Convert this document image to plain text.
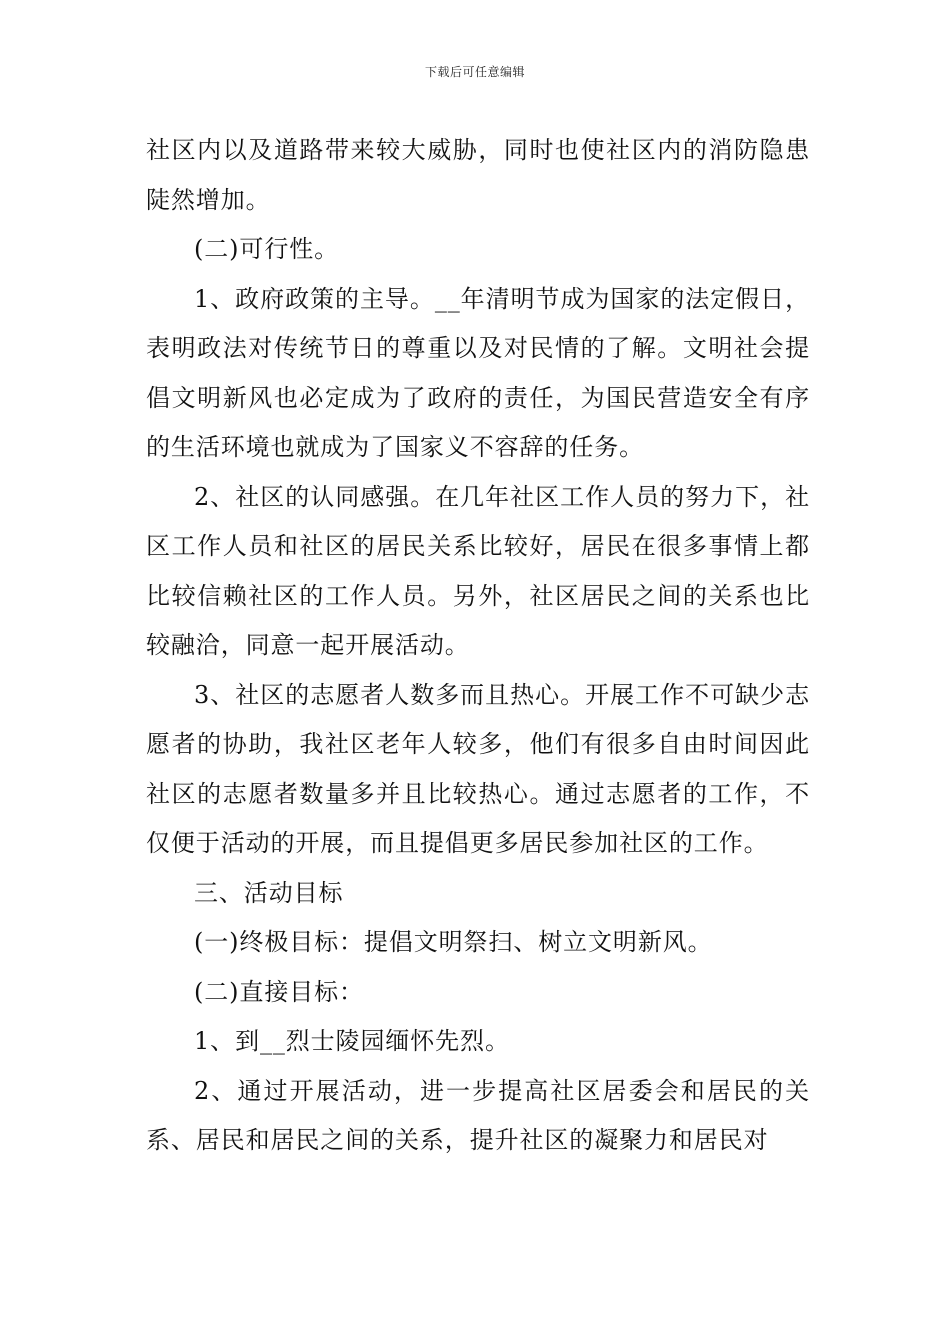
下载后可任意编辑

社区内以及道路带来较大威胁，同时也使社区内的消防隐患陡然增加。

(二)可行性。

1、政府政策的主导。__年清明节成为国家的法定假日，表明政法对传统节日的尊重以及对民情的了解。文明社会提倡文明新风也必定成为了政府的责任，为国民营造安全有序的生活环境也就成为了国家义不容辞的任务。

2、社区的认同感强。在几年社区工作人员的努力下，社区工作人员和社区的居民关系比较好，居民在很多事情上都比较信赖社区的工作人员。另外，社区居民之间的关系也比较融洽，同意一起开展活动。

3、社区的志愿者人数多而且热心。开展工作不可缺少志愿者的协助，我社区老年人较多，他们有很多自由时间因此社区的志愿者数量多并且比较热心。通过志愿者的工作，不仅便于活动的开展，而且提倡更多居民参加社区的工作。

三、活动目标

(一)终极目标：提倡文明祭扫、树立文明新风。

(二)直接目标：

1、到__烈士陵园缅怀先烈。

2、通过开展活动，进一步提高社区居委会和居民的关系、居民和居民之间的关系，提升社区的凝聚力和居民对
